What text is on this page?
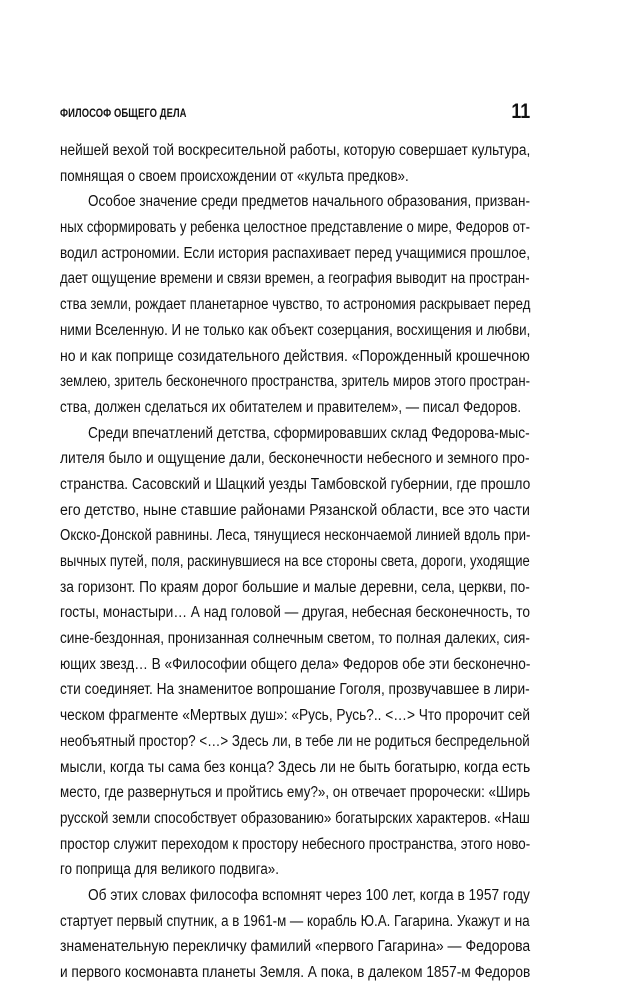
ФИЛОСОФ ОБЩЕГО ДЕЛА	11
нейшей вехой той воскресительной работы, которую совершает культура,
помнящая о своем происхождении от «культа предков».
Особое значение среди предметов начального образования, призван-
ных сформировать у ребенка целостное представление о мире, Федоров от-
водил астрономии. Если история распахивает перед учащимися прошлое,
дает ощущение времени и связи времен, а география выводит на простран-
ства земли, рождает планетарное чувство, то астрономия раскрывает перед
ними Вселенную. И не только как объект созерцания, восхищения и любви,
но и как поприще созидательного действия. «Порожденный крошечною
землею, зритель бесконечного пространства, зритель миров этого простран-
ства, должен сделаться их обитателем и правителем», — писал Федоров.
Среди впечатлений детства, сформировавших склад Федорова-мыс-
лителя было и ощущение дали, бесконечности небесного и земного про-
странства. Сасовский и Шацкий уезды Тамбовской губернии, где прошло
его детство, ныне ставшие районами Рязанской области, все это части
Окско-Донской равнины. Леса, тянущиеся нескончаемой линией вдоль при-
вычных путей, поля, раскинувшиеся на все стороны света, дороги, уходящие
за горизонт. По краям дорог большие и малые деревни, села, церкви, по-
госты, монастыри… А над головой — другая, небесная бесконечность, то
сине-бездонная, пронизанная солнечным светом, то полная далеких, сия-
ющих звезд… В «Философии общего дела» Федоров обе эти бесконечно-
сти соединяет. На знаменитое вопрошание Гоголя, прозвучавшее в лири-
ческом фрагменте «Мертвых душ»: «Русь, Русь?.. <…> Что пророчит сей
необъятный простор? <…> Здесь ли, в тебе ли не родиться беспредельной
мысли, когда ты сама без конца? Здесь ли не быть богатырю, когда есть
место, где развернуться и пройтись ему?», он отвечает пророчески: «Ширь
русской земли способствует образованию» богатырских характеров. «Наш
простор служит переходом к простору небесного пространства, этого ново-
го поприща для великого подвига».
Об этих словах философа вспомнят через 100 лет, когда в 1957 году
стартует первый спутник, а в 1961-м — корабль Ю.А. Гагарина. Укажут и на
знаменательную перекличку фамилий «первого Гагарина» — Федорова
и первого космонавта планеты Земля. А пока, в далеком 1857-м Федоров
